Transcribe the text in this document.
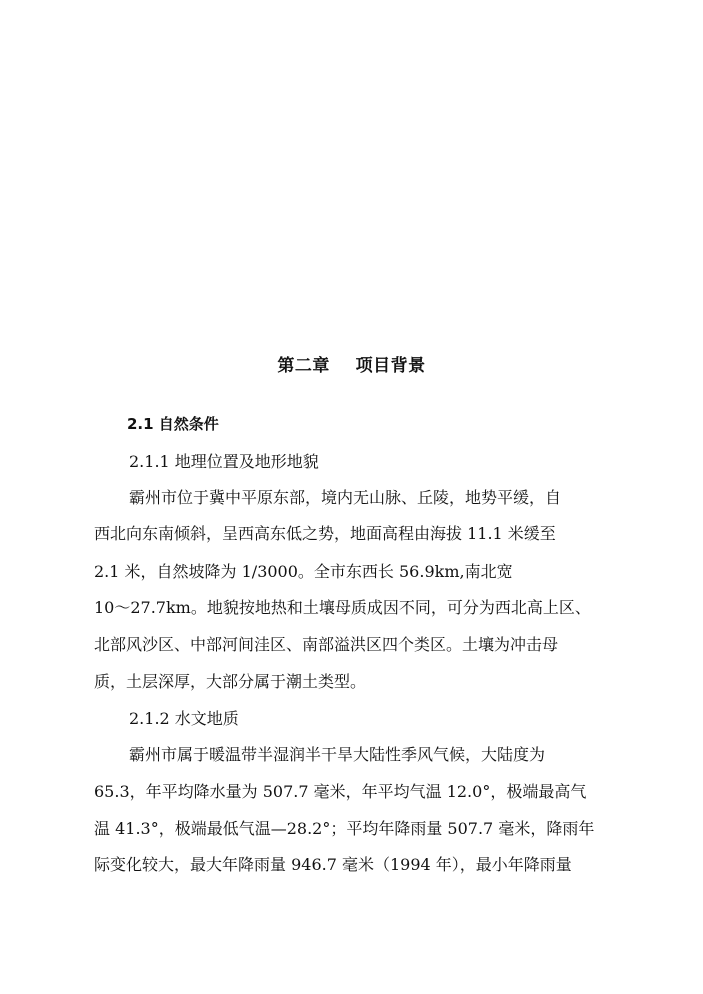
第二章    项目背景
2.1 自然条件
2.1.1 地理位置及地形地貌
霸州市位于冀中平原东部，境内无山脉、丘陵，地势平缓，自
西北向东南倾斜，呈西高东低之势，地面高程由海拔 11.1 米缓至
2.1 米，自然坡降为 1/3000。全市东西长 56.9km,南北宽
10～27.7km。地貌按地热和土壤母质成因不同，可分为西北高上区、
北部风沙区、中部河间洼区、南部溢洪区四个类区。土壤为冲击母
质，土层深厚，大部分属于潮土类型。
2.1.2 水文地质
霸州市属于暖温带半湿润半干旱大陆性季风气候，大陆度为
65.3，年平均降水量为 507.7 毫米，年平均气温 12.0°，极端最高气
温 41.3°，极端最低气温—28.2°；平均年降雨量 507.7 毫米，降雨年
际变化较大，最大年降雨量 946.7 毫米（1994 年），最小年降雨量
